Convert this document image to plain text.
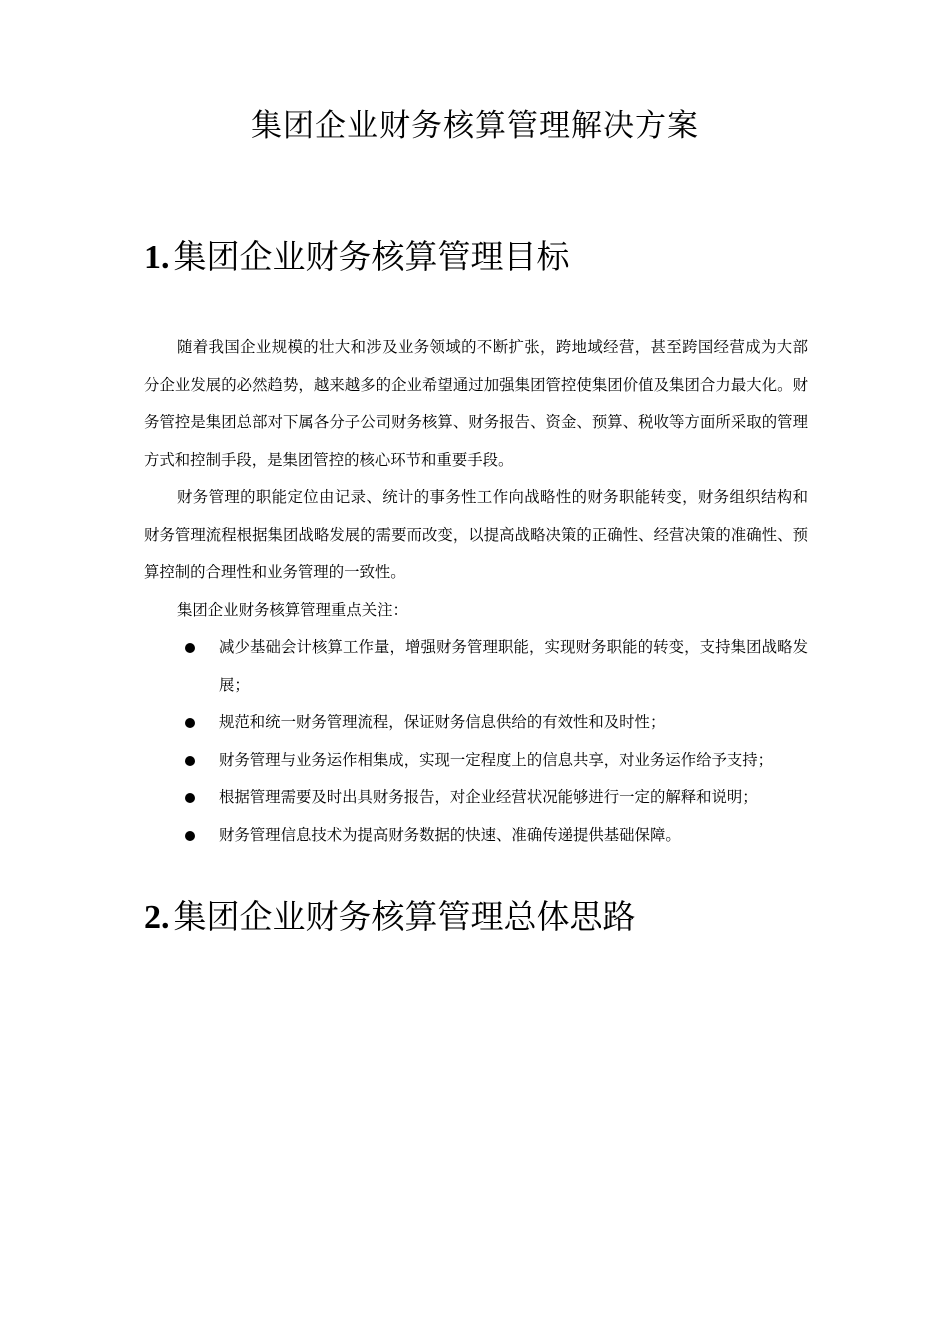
集团企业财务核算管理解决方案
1. 集团企业财务核算管理目标

随着我国企业规模的壮大和涉及业务领域的不断扩张，跨地域经营，甚至跨国经营成为大部分企业发展的必然趋势，越来越多的企业希望通过加强集团管控使集团价值及集团合力最大化。财务管控是集团总部对下属各分子公司财务核算、财务报告、资金、预算、税收等方面所采取的管理方式和控制手段，是集团管控的核心环节和重要手段。

财务管理的职能定位由记录、统计的事务性工作向战略性的财务职能转变，财务组织结构和财务管理流程根据集团战略发展的需要而改变，以提高战略决策的正确性、经营决策的准确性、预算控制的合理性和业务管理的一致性。

集团企业财务核算管理重点关注：

减少基础会计核算工作量，增强财务管理职能，实现财务职能的转变，支持集团战略发展；
规范和统一财务管理流程，保证财务信息供给的有效性和及时性；
财务管理与业务运作相集成，实现一定程度上的信息共享，对业务运作给予支持；
根据管理需要及时出具财务报告，对企业经营状况能够进行一定的解释和说明；
财务管理信息技术为提高财务数据的快速、准确传递提供基础保障。
2. 集团企业财务核算管理总体思路
